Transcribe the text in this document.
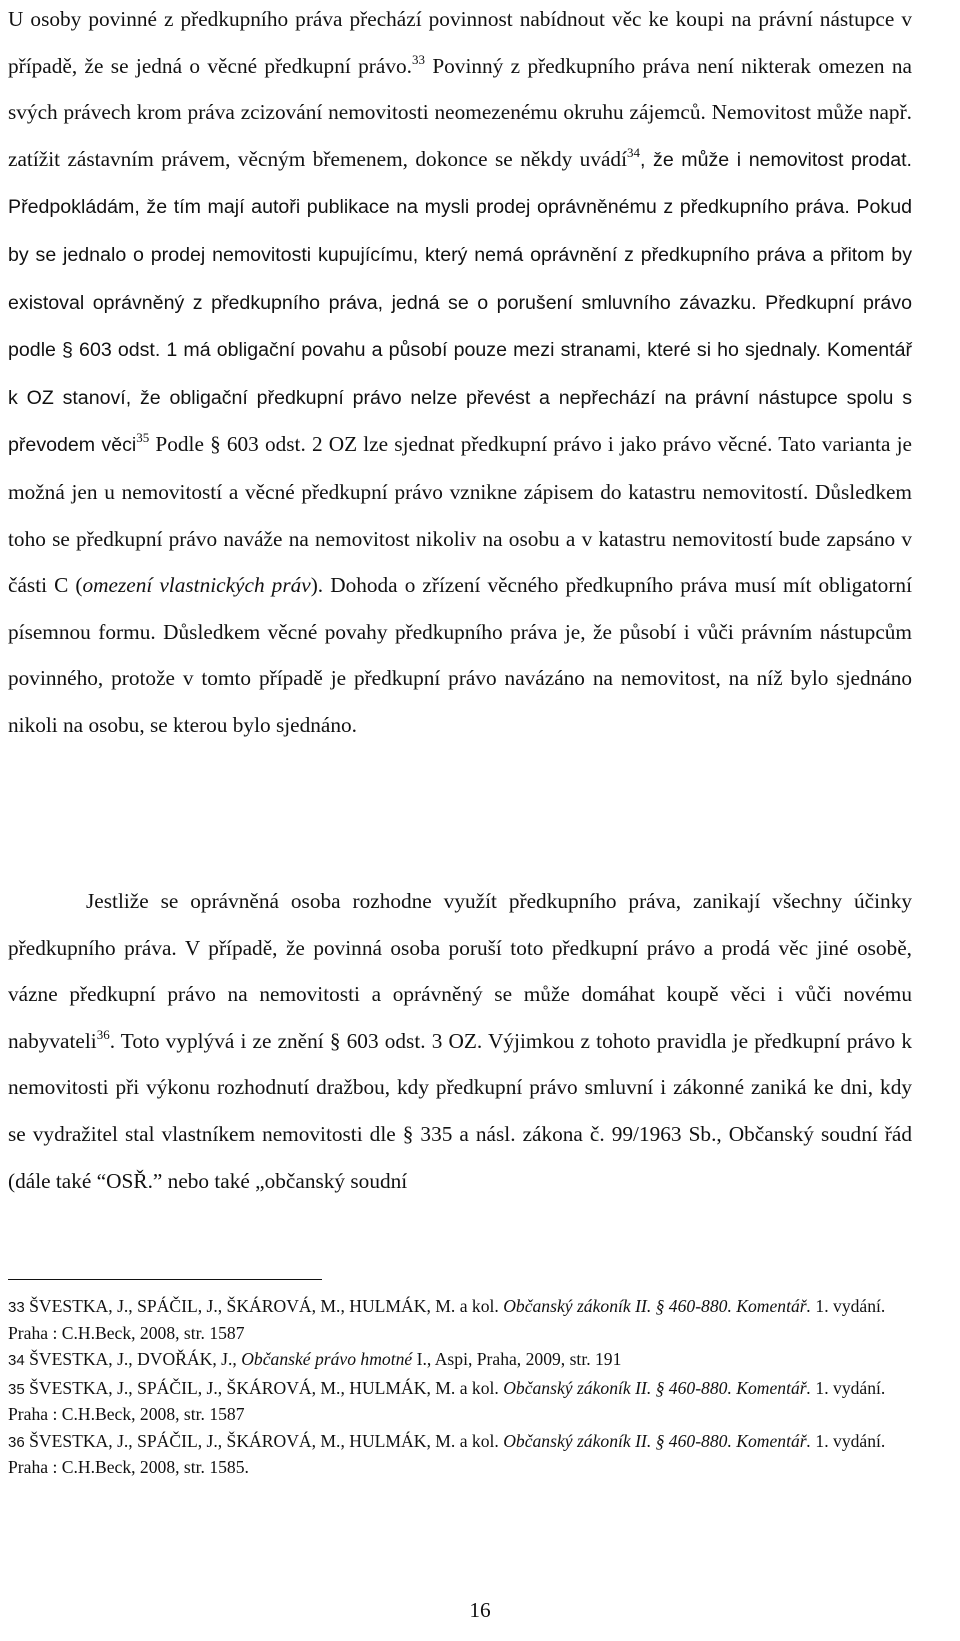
U osoby povinné z předkupního práva přechází povinnost nabídnout věc ke koupi na právní nástupce v případě, že se jedná o věcné předkupní právo.$^{33}$ Povinný z předkupního práva není nikterak omezen na svých právech krom práva zcizování nemovitosti neomezenému okruhu zájemců. Nemovitost může např. zatížit zástavním právem, věcným břemenem, dokonce se někdy uvádí$^{34}$, že může i nemovitost prodat. Předpokládám, že tím mají autoři publikace na mysli prodej oprávněnému z předkupního práva. Pokud by se jednalo o prodej nemovitosti kupujícímu, který nemá oprávnění z předkupního práva a přitom by existoval oprávněný z předkupního práva, jedná se o porušení smluvního závazku. Předkupní právo podle § 603 odst. 1 má obligační povahu a působí pouze mezi stranami, které si ho sjednaly. Komentář k OZ stanoví, že obligační předkupní právo nelze převést a nepřechází na právní nástupce spolu s převodem věci$^{35}$ Podle § 603 odst. 2 OZ lze sjednat předkupní právo i jako právo věcné. Tato varianta je možná jen u nemovitostí a věcné předkupní právo vznikne zápisem do katastru nemovitostí. Důsledkem toho se předkupní právo naváže na nemovitost nikoliv na osobu a v katastru nemovitostí bude zapsáno v části C (omezení vlastnických práv). Dohoda o zřízení věcného předkupního práva musí mít obligatorní písemnou formu. Důsledkem věcné povahy předkupního práva je, že působí i vůči právním nástupcům povinného, protože v tomto případě je předkupní právo navázáno na nemovitost, na níž bylo sjednáno nikoli na osobu, se kterou bylo sjednáno.

Jestliže se oprávněná osoba rozhodne využít předkupního práva, zanikají všechny účinky předkupního práva. V případě, že povinná osoba poruší toto předkupní právo a prodá věc jiné osobě, vázne předkupní právo na nemovitosti a oprávněný se může domáhat koupě věci i vůči novému nabyvateli$^{36}$. Toto vyplývá i ze znění § 603 odst. 3 OZ. Výjimkou z tohoto pravidla je předkupní právo k nemovitosti při výkonu rozhodnutí dražbou, kdy předkupní právo smluvní i zákonné zaniká ke dni, kdy se vydražitel stal vlastníkem nemovitosti dle § 335 a násl. zákona č. 99/1963 Sb., Občanský soudní řád (dále také “OSŘ.” nebo také „občanský soudní

33 ŠVESTKA, J., SPÁČIL, J., ŠKÁROVÁ, M., HULMÁK, M. a kol. Občanský zákoník II. § 460-880. Komentář. 1. vydání. Praha : C.H.Beck, 2008, str. 1587

34 ŠVESTKA, J., DVOŘÁK, J., Občanské právo hmotné I., Aspi, Praha, 2009, str. 191

35 ŠVESTKA, J., SPÁČIL, J., ŠKÁROVÁ, M., HULMÁK, M. a kol. Občanský zákoník II. § 460-880. Komentář. 1. vydání. Praha : C.H.Beck, 2008, str. 1587

36 ŠVESTKA, J., SPÁČIL, J., ŠKÁROVÁ, M., HULMÁK, M. a kol. Občanský zákoník II. § 460-880. Komentář. 1. vydání. Praha : C.H.Beck, 2008, str. 1585.

16
